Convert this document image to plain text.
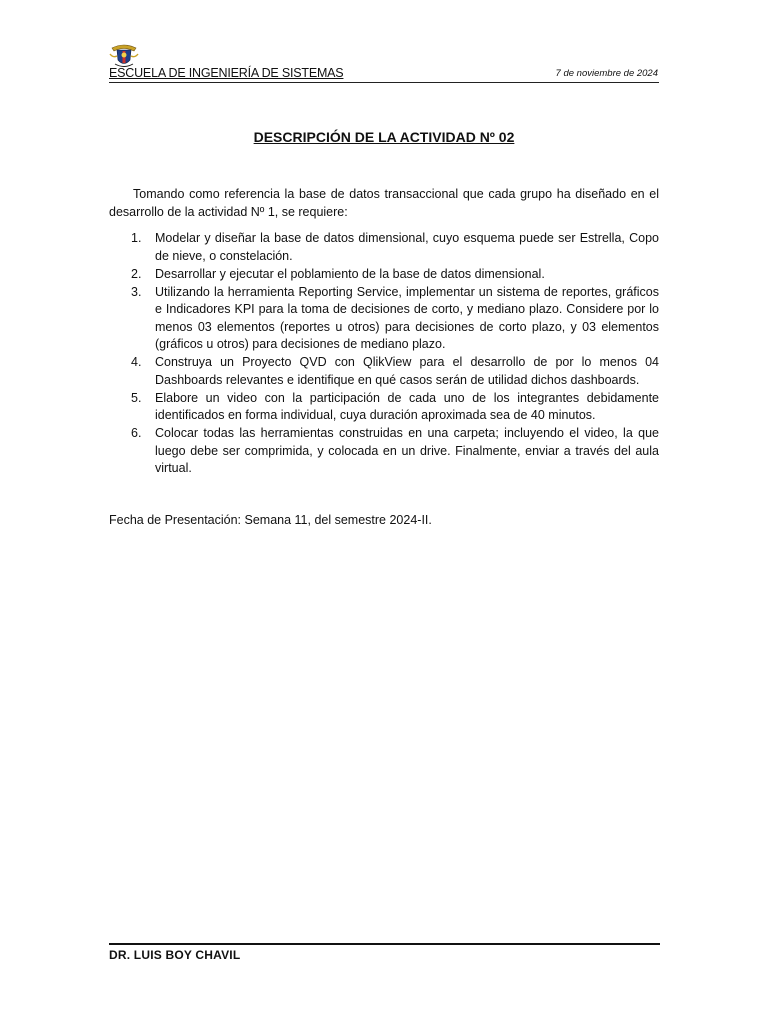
ESCUELA DE INGENIERÍA DE SISTEMAS	7 de noviembre de 2024
DESCRIPCIÓN DE LA ACTIVIDAD Nº 02

Tomando como referencia la base de datos transaccional que cada grupo ha diseñado en el desarrollo de la actividad Nº 1, se requiere:

1. Modelar y diseñar la base de datos dimensional, cuyo esquema puede ser Estrella, Copo de nieve, o constelación.
2. Desarrollar y ejecutar el poblamiento de la base de datos dimensional.
3. Utilizando la herramienta Reporting Service, implementar un sistema de reportes, gráficos e Indicadores KPI para la toma de decisiones de corto, y mediano plazo. Considere por lo menos 03 elementos (reportes u otros) para decisiones de corto plazo, y 03 elementos (gráficos u otros) para decisiones de mediano plazo.
4. Construya un Proyecto QVD con QlikView para el desarrollo de por lo menos 04 Dashboards relevantes e identifique en qué casos serán de utilidad dichos dashboards.
5. Elabore un video con la participación de cada uno de los integrantes debidamente identificados en forma individual, cuya duración aproximada sea de 40 minutos.
6. Colocar todas las herramientas construidas en una carpeta; incluyendo el video, la que luego debe ser comprimida, y colocada en un drive. Finalmente, enviar a través del aula virtual.
Fecha de Presentación: Semana 11, del semestre 2024-II.
DR. LUIS BOY CHAVIL
